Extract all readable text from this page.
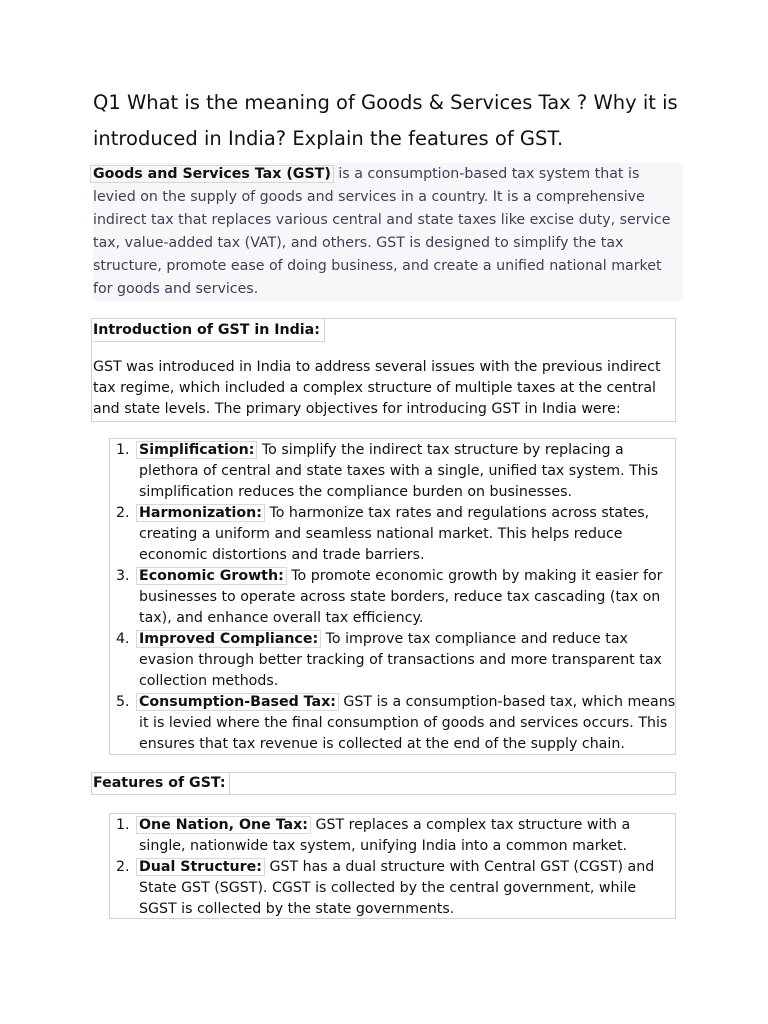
Q1 What is the meaning of Goods & Services Tax ? Why it is introduced in India? Explain the features of GST.

Goods and Services Tax (GST) is a consumption-based tax system that is levied on the supply of goods and services in a country. It is a comprehensive indirect tax that replaces various central and state taxes like excise duty, service tax, value-added tax (VAT), and others. GST is designed to simplify the tax structure, promote ease of doing business, and create a unified national market for goods and services.

Introduction of GST in India:

GST was introduced in India to address several issues with the previous indirect tax regime, which included a complex structure of multiple taxes at the central and state levels. The primary objectives for introducing GST in India were:

1. Simplification: To simplify the indirect tax structure by replacing a plethora of central and state taxes with a single, unified tax system. This simplification reduces the compliance burden on businesses.
2. Harmonization: To harmonize tax rates and regulations across states, creating a uniform and seamless national market. This helps reduce economic distortions and trade barriers.
3. Economic Growth: To promote economic growth by making it easier for businesses to operate across state borders, reduce tax cascading (tax on tax), and enhance overall tax efficiency.
4. Improved Compliance: To improve tax compliance and reduce tax evasion through better tracking of transactions and more transparent tax collection methods.
5. Consumption-Based Tax: GST is a consumption-based tax, which means it is levied where the final consumption of goods and services occurs. This ensures that tax revenue is collected at the end of the supply chain.
Features of GST:
1. One Nation, One Tax: GST replaces a complex tax structure with a single, nationwide tax system, unifying India into a common market.
2. Dual Structure: GST has a dual structure with Central GST (CGST) and State GST (SGST). CGST is collected by the central government, while SGST is collected by the state governments.
